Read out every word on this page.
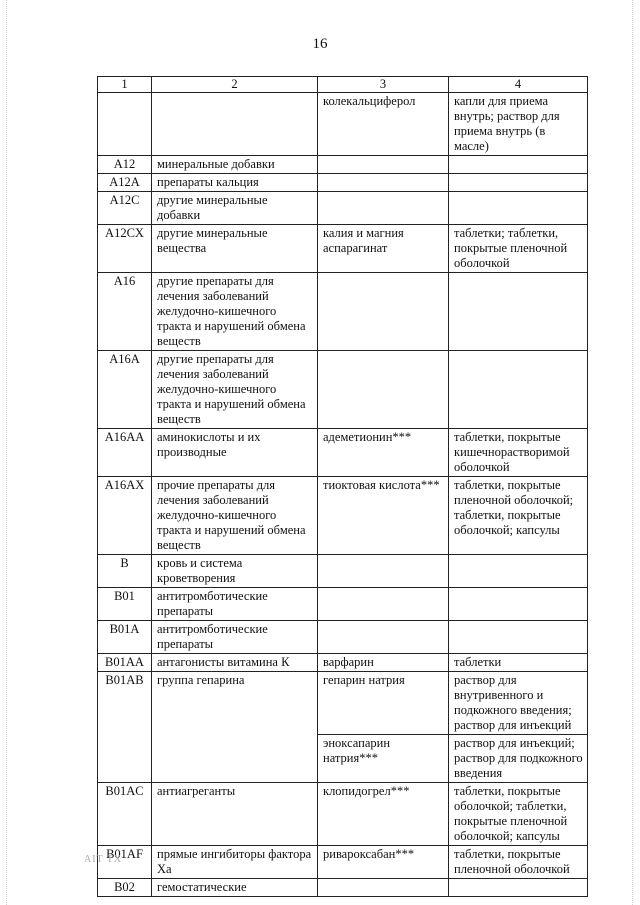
16
1	2	3	4
		колекальциферол	капли для приема внутрь; раствор для приема внутрь (в масле)
A12	минеральные добавки		
A12A	препараты кальция		
A12C	другие минеральные добавки		
A12CX	другие минеральные вещества	калия и магния аспарагинат	таблетки; таблетки, покрытые пленочной оболочкой
A16	другие препараты для лечения заболеваний желудочно-кишечного тракта и нарушений обмена веществ		
A16A	другие препараты для лечения заболеваний желудочно-кишечного тракта и нарушений обмена веществ		
A16AA	аминокислоты и их производные	адеметионин***	таблетки, покрытые кишечнорастворимой оболочкой
A16AX	прочие препараты для лечения заболеваний желудочно-кишечного тракта и нарушений обмена веществ	тиоктовая кислота***	таблетки, покрытые пленочной оболочкой; таблетки, покрытые оболочкой; капсулы
B	кровь и система кроветворения		
B01	антитромботические препараты		
B01A	антитромботические препараты		
B01AA	антагонисты витамина К	варфарин	таблетки
B01AB	группа гепарина	гепарин натрия	раствор для внутривенного и подкожного введения; раствор для инъекций
		эноксапарин натрия***	раствор для инъекций; раствор для подкожного введения
B01AC	антиагреганты	клопидогрел***	таблетки, покрытые оболочкой; таблетки, покрытые пленочной оболочкой; капсулы
B01AF	прямые ингибиторы фактора Ха	ривароксабан***	таблетки, покрытые пленочной оболочкой
B02	гемостатические		
AIT TX
